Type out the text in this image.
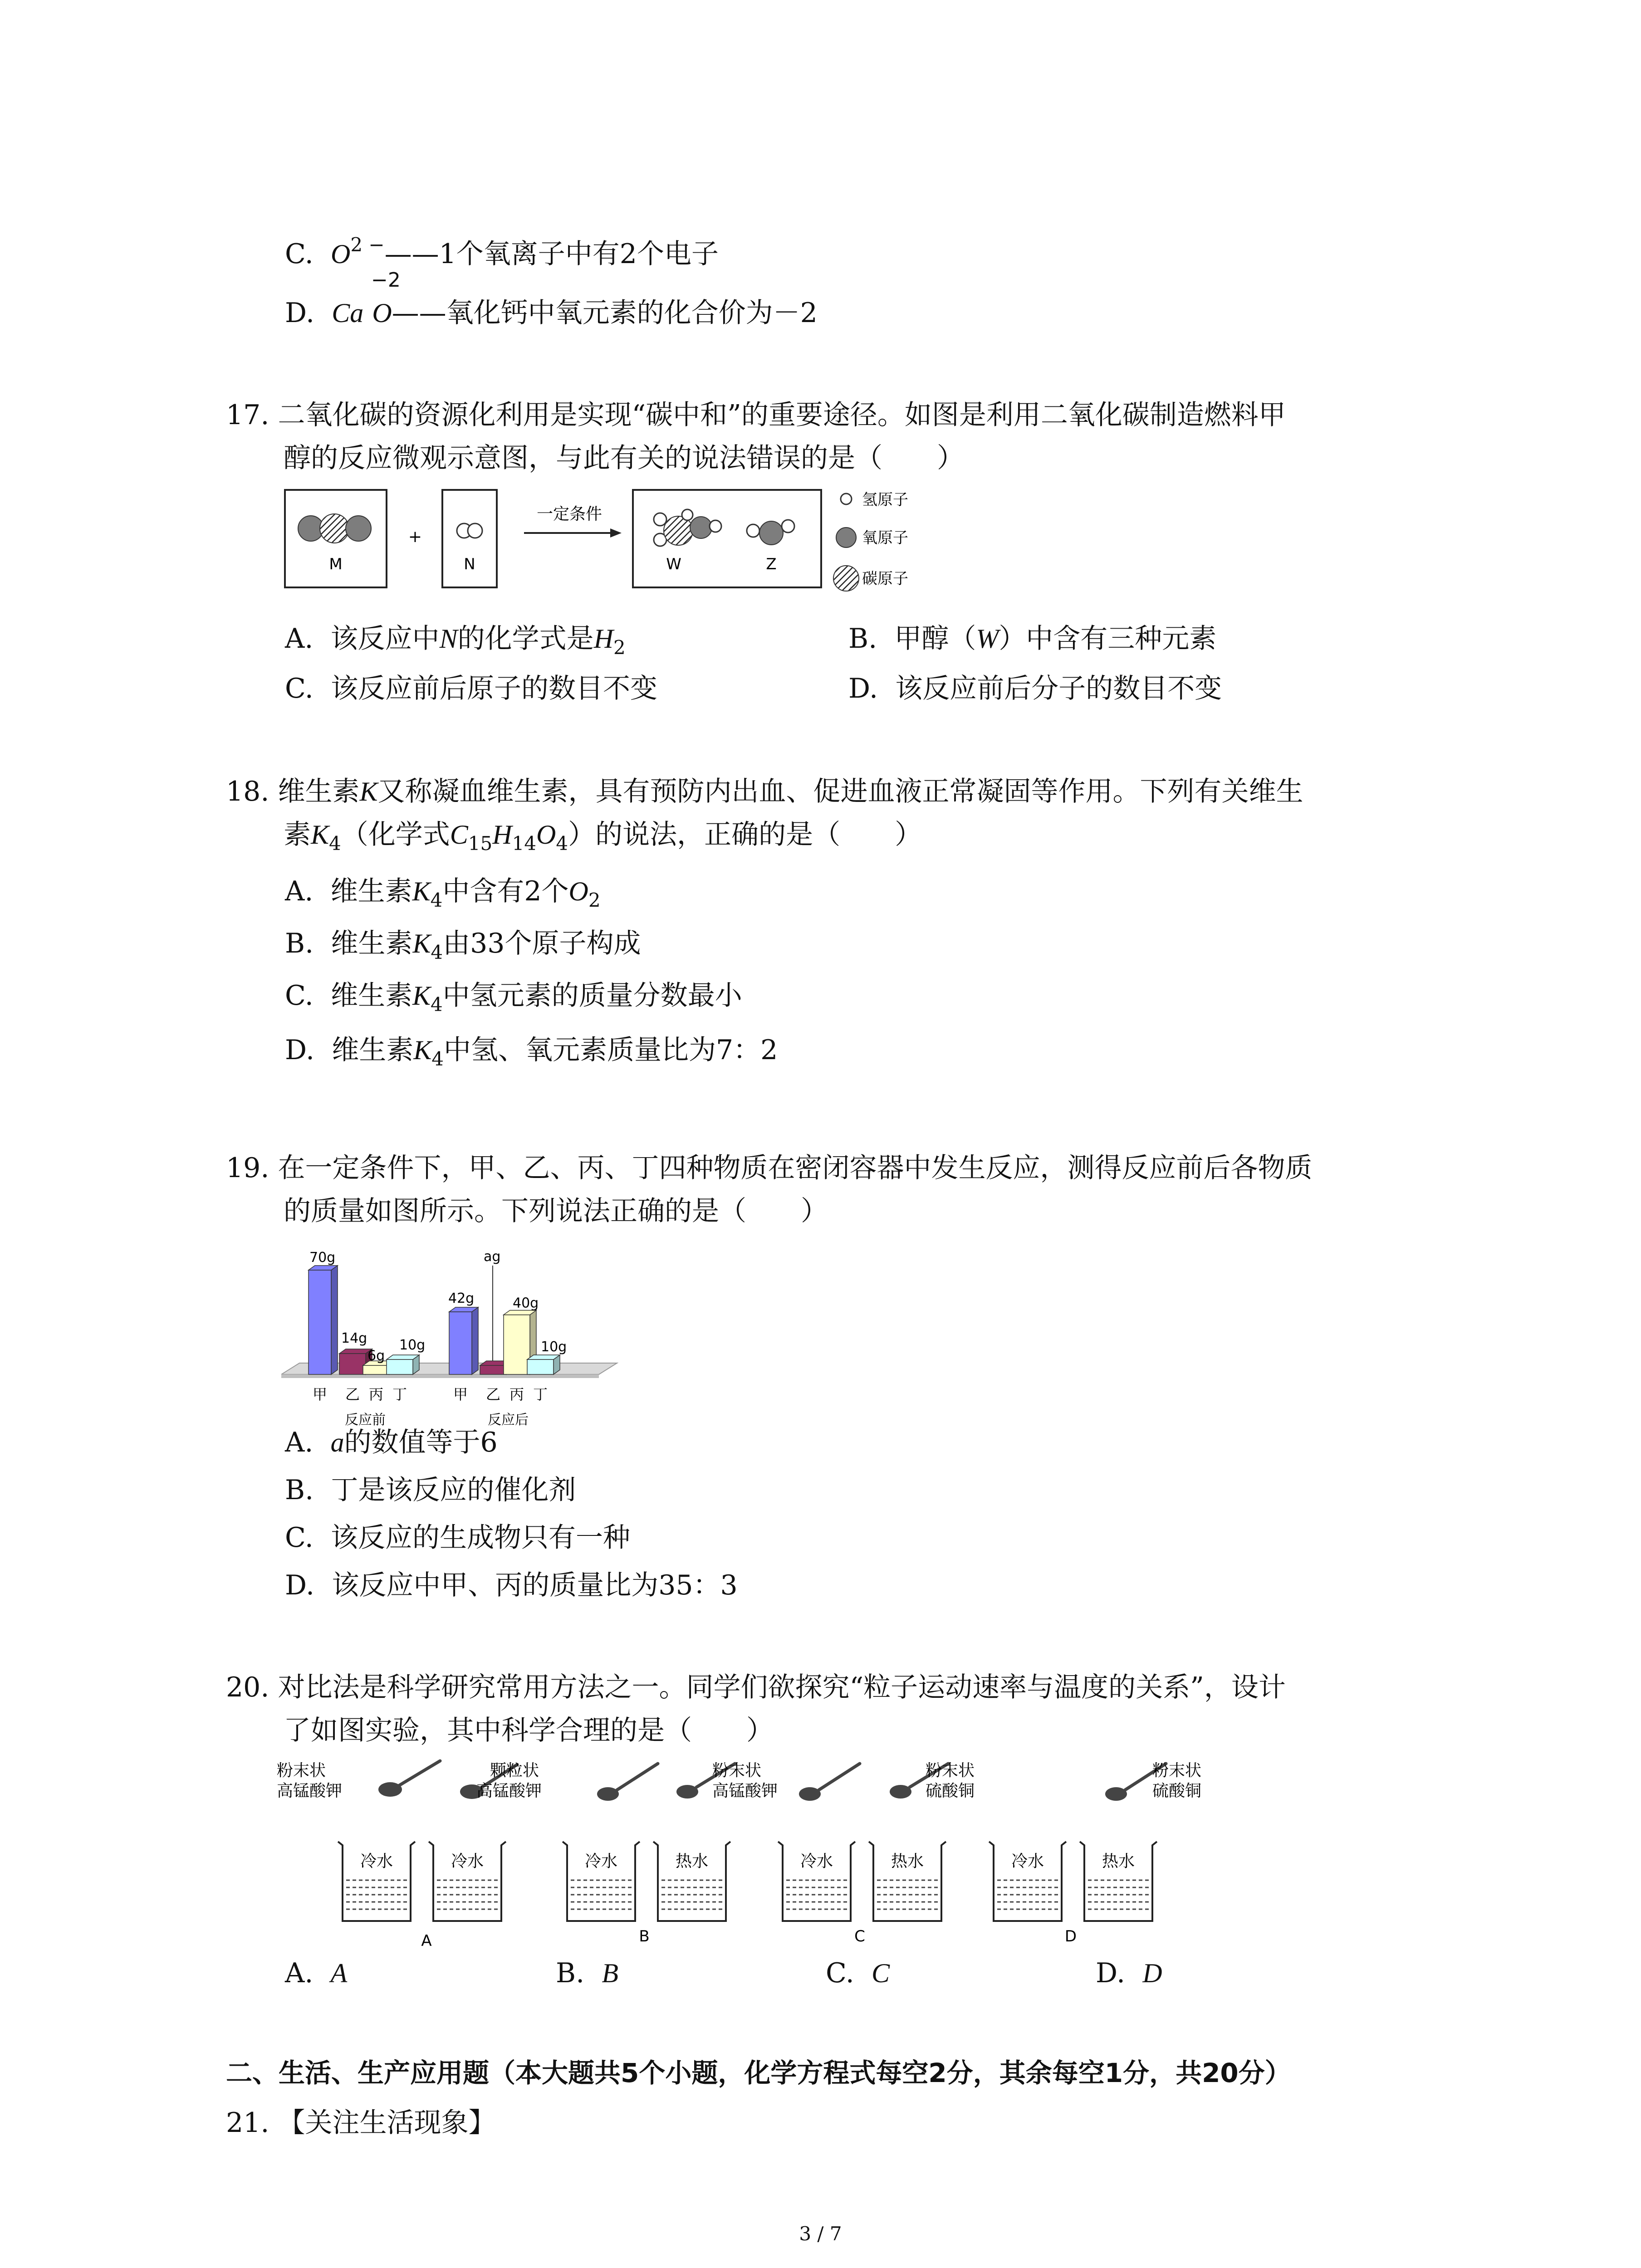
C. $O^{2 -}——1$个氧离子中有2个电子
−2
D. Ca O——氧化钙中氧元素的化合价为－2
17. 二氧化碳的资源化利用是实现“碳中和”的重要途径。如图是利用二氧化碳制造燃料甲
醇的反应微观示意图，与此有关的说法错误的是（　　）
M
+
N
一定条件
W	Z
氢原子
氧原子
碳原子
A. 该反应中N的化学式是$H_2$	B. 甲醇（W）中含有三种元素
C. 该反应前后原子的数目不变	D. 该反应前后分子的数目不变
18. 维生素K又称凝血维生素，具有预防内出血、促进血液正常凝固等作用。下列有关维生
素$K_4$（化学式$C_{15}H_{14}O_4$）的说法，正确的是（　　）
A. 维生素$K_4$中含有2个$O_2$
B. 维生素$K_4$由33个原子构成
C. 维生素$K_4$中氢元素的质量分数最小
D. 维生素$K_4$中氢、氧元素质量比为7：2
19. 在一定条件下，甲、乙、丙、丁四种物质在密闭容器中发生反应，测得反应前后各物质
的质量如图所示。下列说法正确的是（　　）
70g
14g
6g
10g
42g
ag
40g
10g
甲 乙 丙 丁	甲 乙 丙 丁
反应前	反应后
A. a的数值等于6
B. 丁是该反应的催化剂
C. 该反应的生成物只有一种
D. 该反应中甲、丙的质量比为35：3
20. 对比法是科学研究常用方法之一。同学们欲探究“粒子运动速率与温度的关系”，设计
了如图实验，其中科学合理的是（　　）
粉末状
高锰酸钾
颗粒状
高锰酸钾
粉末状
高锰酸钾
粉末状
硫酸铜
粉末状
硫酸铜
冷水	冷水	冷水	热水	冷水	热水	冷水	热水
A	B	C	D
A. A	B. B	C. C	D. D
二、生活、生产应用题（本大题共5个小题，化学方程式每空2分，其余每空1分，共20分）
21. 【关注生活现象】
3 / 7
